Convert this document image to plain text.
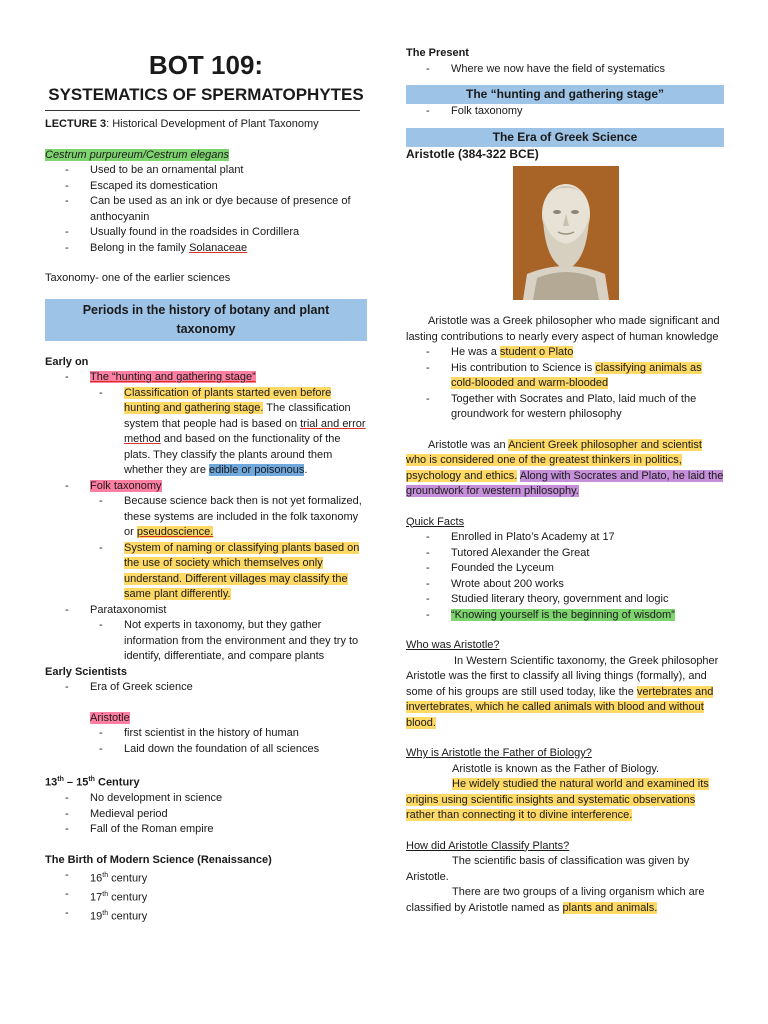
BOT 109:
SYSTEMATICS OF SPERMATOPHYTES
LECTURE 3: Historical Development of Plant Taxonomy
Cestrum purpureum/Cestrum elegans
- Used to be an ornamental plant
- Escaped its domestication
- Can be used as an ink or dye because of presence of anthocyanin
- Usually found in the roadsides in Cordillera
- Belong in the family Solanaceae
Taxonomy- one of the earlier sciences
Periods in the history of botany and plant taxonomy
Early on
- The “hunting and gathering stage”
- Classification of plants started even before hunting and gathering stage. The classification system that people had is based on trial and error method and based on the functionality of the plats. They classify the plants around them whether they are edible or poisonous.
- Folk taxonomy
- Because science back then is not yet formalized, these systems are included in the folk taxonomy or pseudoscience.
- System of naming or classifying plants based on the use of society which themselves only understand. Different villages may classify the same plant differently.
- Parataxonomist
- Not experts in taxonomy, but they gather information from the environment and they try to identify, differentiate, and compare plants
Early Scientists
- Era of Greek science
Aristotle
- first scientist in the history of human
- Laid down the foundation of all sciences
13th – 15th Century
- No development in science
- Medieval period
- Fall of the Roman empire
The Birth of Modern Science (Renaissance)
- 16th century
- 17th century
- 19th century
The Present
- Where we now have the field of systematics
The “hunting and gathering stage”
- Folk taxonomy
The Era of Greek Science
Aristotle (384-322 BCE)
Aristotle was a Greek philosopher who made significant and lasting contributions to nearly every aspect of human knowledge
- He was a student o Plato
- His contribution to Science is classifying animals as cold-blooded and warm-blooded
- Together with Socrates and Plato, laid much of the groundwork for western philosophy
Aristotle was an Ancient Greek philosopher and scientist who is considered one of the greatest thinkers in politics, psychology and ethics. Along with Socrates and Plato, he laid the groundwork for western philosophy.
Quick Facts
- Enrolled in Plato’s Academy at 17
- Tutored Alexander the Great
- Founded the Lyceum
- Wrote about 200 works
- Studied literary theory, government and logic
- “Knowing yourself is the beginning of wisdom”
Who was Aristotle?
In Western Scientific taxonomy, the Greek philosopher Aristotle was the first to classify all living things (formally), and some of his groups are still used today, like the vertebrates and invertebrates, which he called animals with blood and without blood.
Why is Aristotle the Father of Biology?
Aristotle is known as the Father of Biology.
He widely studied the natural world and examined its origins using scientific insights and systematic observations rather than connecting it to divine interference.
How did Aristotle Classify Plants?
The scientific basis of classification was given by Aristotle.
There are two groups of a living organism which are classified by Aristotle named as plants and animals.
